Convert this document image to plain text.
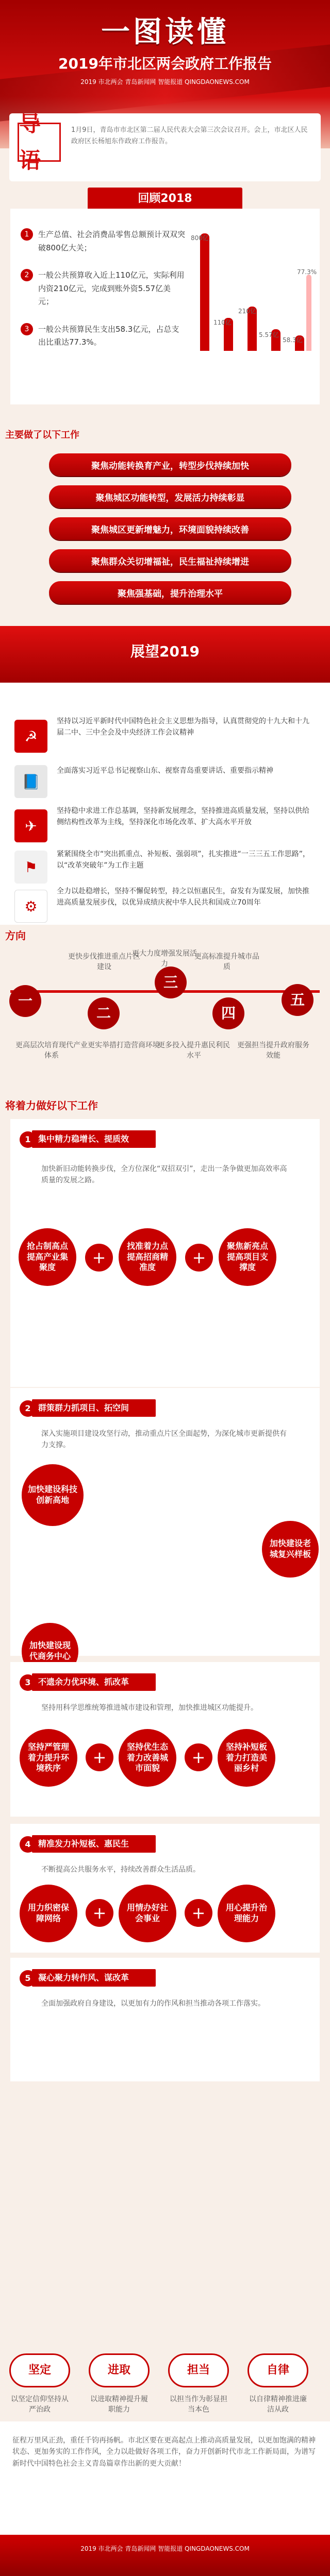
一图读懂
2019年市北区两会政府工作报告
2019 市北两会 青岛新闻网 智能报道 QINGDAONEWS.COM
导语
1月9日，青岛市市北区第二届人民代表大会第三次会议召开。会上，市北区人民政府区长杨旭东作政府工作报告。
回顾2018
1	生产总值、社会消费品零售总额预计双双突破800亿大关；

2	一般公共预算收入近上110亿元，实际利用内资210亿元，完成到账外资5.57亿美元；

3	一般公共预算民生支出58.3亿元，占总支出比重达77.3%。

800亿
110亿
210亿
5.57亿
58.3亿
77.3%
主要做了以下工作
聚焦动能转换育产业，转型步伐持续加快
聚焦城区功能转型，发展活力持续彰显
聚焦城区更新增魅力，环境面貌持续改善
聚焦群众关切增福祉，民生福祉持续增进
聚焦强基础，提升治理水平
展望2019
☭
坚持以习近平新时代中国特色社会主义思想为指导，认真贯彻党的十九大和十九届二中、三中全会及中央经济工作会议精神
📘
全面落实习近平总书记视察山东、视察青岛重要讲话、重要指示精神
✈
坚持稳中求进工作总基调，坚持新发展理念，坚持推进高质量发展，坚持以供给侧结构性改革为主线，坚持深化市场化改革、扩大高水平开放
⚑
紧紧围绕全市“突出抓重点、补短板、强弱项”，扎实推进“一三三五工作思路”，以“改革突破年”为工作主题
⚙
全力以赴稳增长，坚持不懈促转型，持之以恒惠民生，奋发有为谋发展，加快推进高质量发展步伐，以优异成绩庆祝中华人民共和国成立70周年
方向
一
二
三
四
五
更快步伐推进重点片区建设
更大力度增强发展活力
更高标准提升城市品质
更高层次培育现代产业体系
更实举措打造营商环境
更多投入提升惠民利民水平
更强担当提升政府服务效能
将着力做好以下工作
1 集中精力稳增长、提质效
加快新旧动能转换步伐，全方位深化“双招双引”，走出一条争做更加高效率高质量的发展之路。
抢占制高点提高产业集聚度	+
找准着力点提高招商精准度	+
聚焦新亮点提高项目支撑度
2 群策群力抓项目、拓空间
深入实施项目建设攻坚行动，推动重点片区全面起势，为深化城市更新提供有力支撑。
加快建设科技创新高地
加快建设老城复兴样板
加快建设现代商务中心
3 不遗余力优环境、抓改革
坚持用科学思维统筹推进城市建设和管理，加快推进城区功能提升。
坚持严管理着力提升环境秩序
+
坚持优生态着力改善城市面貌
+
坚持补短板着力打造美丽乡村
4 精准发力补短板、惠民生
不断提高公共服务水平，持续改善群众生活品质。
用力织密保障网络	+	用情办好社会事业	+	用心提升治理能力
5 凝心聚力转作风、谋改革
全面加强政府自身建设，以更加有力的作风和担当推动各项工作落实。
坚定	进取	担当	自律
以坚定信仰坚持从严治政
以进取精神提升履职能力
以担当作为彰显担当本色
以自律精神推进廉洁从政
征程万里风正劲，重任千钧再扬帆。市北区要在更高起点上推动高质量发展，以更加饱满的精神状态、更加务实的工作作风，全力以赴做好各项工作，奋力开创新时代市北工作新局面，为谱写新时代中国特色社会主义青岛篇章作出新的更大贡献！
2019 市北两会 青岛新闻网 智能报道 QINGDAONEWS.COM
